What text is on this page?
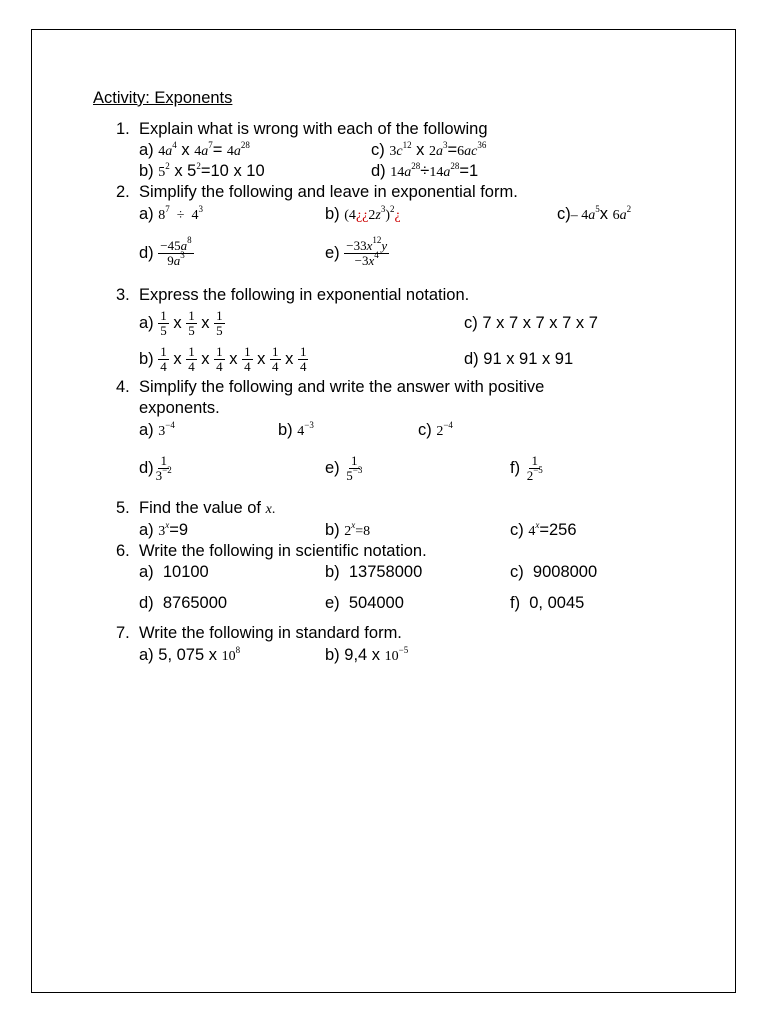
Activity: Exponents
1. Explain what is wrong with each of the following
a) $4a^4$ x $4a^7= 4a^{28}$	c) $3c^{12}$ x $2a^3=6ac^{36}$
b) $5^2$ x $5^2=10$ x 10	d) $14a^{28}\div 14a^{28}=1$
2. Simplify the following and leave in exponential form.
a) $8^7 \div 4^3$	b) $(4¿¿2z^3)^2¿$	c)– $4a^5x$ $6a^2$
$d) \frac{-45a^8}{9a^3}$	$e) \frac{-33x^{12}y}{-3x^4}$
3. Express the following in exponential notation.
$a) \frac{1}{5}$ x $\frac{1}{5}$ x $\frac{1}{5}$	c) 7 x 7 x 7 x 7 x 7
$b) \frac{1}{4}$ x $\frac{1}{4}$ x $\frac{1}{4}$ x $\frac{1}{4}$ x $\frac{1}{4}$ x $\frac{1}{4}$	d) 91 x 91 x 91
4. Simplify the following and write the answer with positive
exponents.
a) $3^{-4}$	b) $4^{-3}$	c) $2^{-4}$
$d) \frac{1}{3^{-2}}$	$e) \frac{1}{5^{-3}}$	$f) \frac{1}{2^{-5}}$
5. Find the value of x.
a) $3^x=9$	b) $2^x=8$	c) $4^x=256$
6. Write the following in scientific notation.
a)  10100	b)  13758000	c)  9008000
d)  8765000	e)  504000	f)  0, 0045
7. Write the following in standard form.
a) 5, 075 x $10^8$	b) 9,4 x $10^{-5}$
